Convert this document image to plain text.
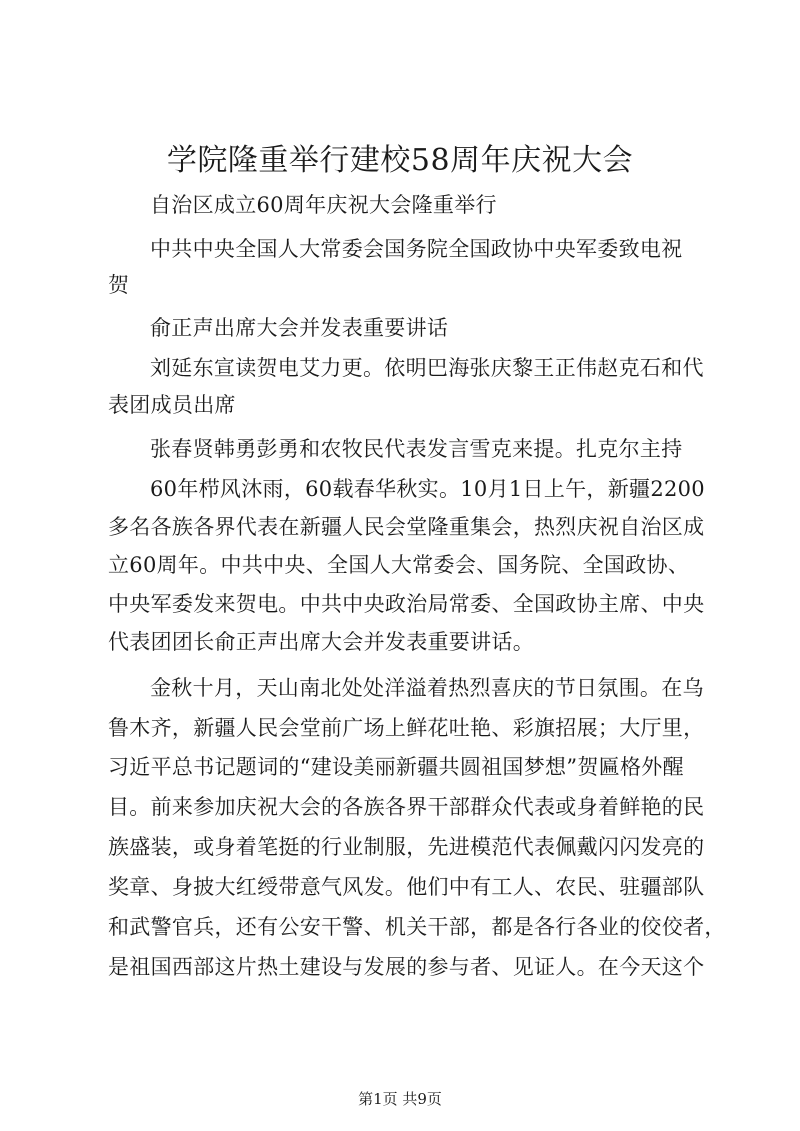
学院隆重举行建校58周年庆祝大会

自治区成立60周年庆祝大会隆重举行

中共中央全国人大常委会国务院全国政协中央军委致电祝

贺

俞正声出席大会并发表重要讲话

刘延东宣读贺电艾力更。依明巴海张庆黎王正伟赵克石和代

表团成员出席

张春贤韩勇彭勇和农牧民代表发言雪克来提。扎克尔主持

60年栉风沐雨，60载春华秋实。10月1日上午，新疆2200

多名各族各界代表在新疆人民会堂隆重集会，热烈庆祝自治区成

立60周年。中共中央、全国人大常委会、国务院、全国政协、

中央军委发来贺电。中共中央政治局常委、全国政协主席、中央

代表团团长俞正声出席大会并发表重要讲话。

金秋十月，天山南北处处洋溢着热烈喜庆的节日氛围。在乌

鲁木齐，新疆人民会堂前广场上鲜花吐艳、彩旗招展；大厅里，

习近平总书记题词的“建设美丽新疆共圆祖国梦想”贺匾格外醒

目。前来参加庆祝大会的各族各界干部群众代表或身着鲜艳的民

族盛装，或身着笔挺的行业制服，先进模范代表佩戴闪闪发亮的

奖章、身披大红绶带意气风发。他们中有工人、农民、驻疆部队

和武警官兵，还有公安干警、机关干部，都是各行各业的佼佼者，

是祖国西部这片热土建设与发展的参与者、见证人。在今天这个

第1页 共9页
